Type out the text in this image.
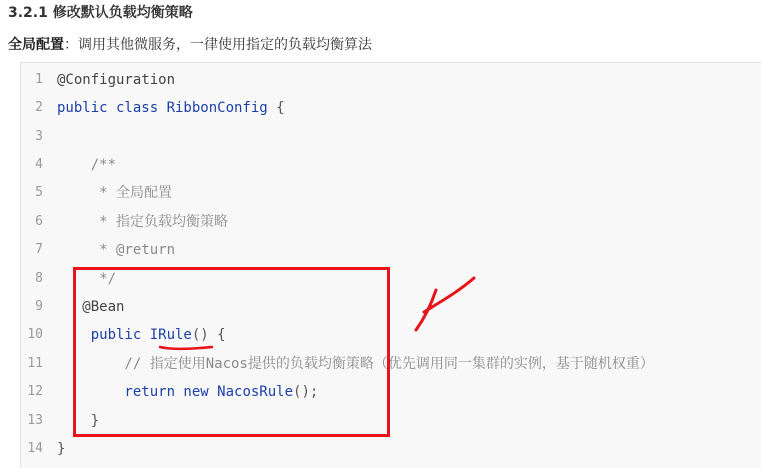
3.2.1 修改默认负载均衡策略
全局配置：调用其他微服务，一律使用指定的负载均衡算法
1 @Configuration
2 public class RibbonConfig {
3
4 /**
5 * 全局配置
6 * 指定负载均衡策略
7 * @return
8 */
9 @Bean
10 public IRule() {
11 // 指定使用Nacos提供的负载均衡策略（优先调用同一集群的实例，基于随机权重）
12 return new NacosRule();
13 }
14 }
